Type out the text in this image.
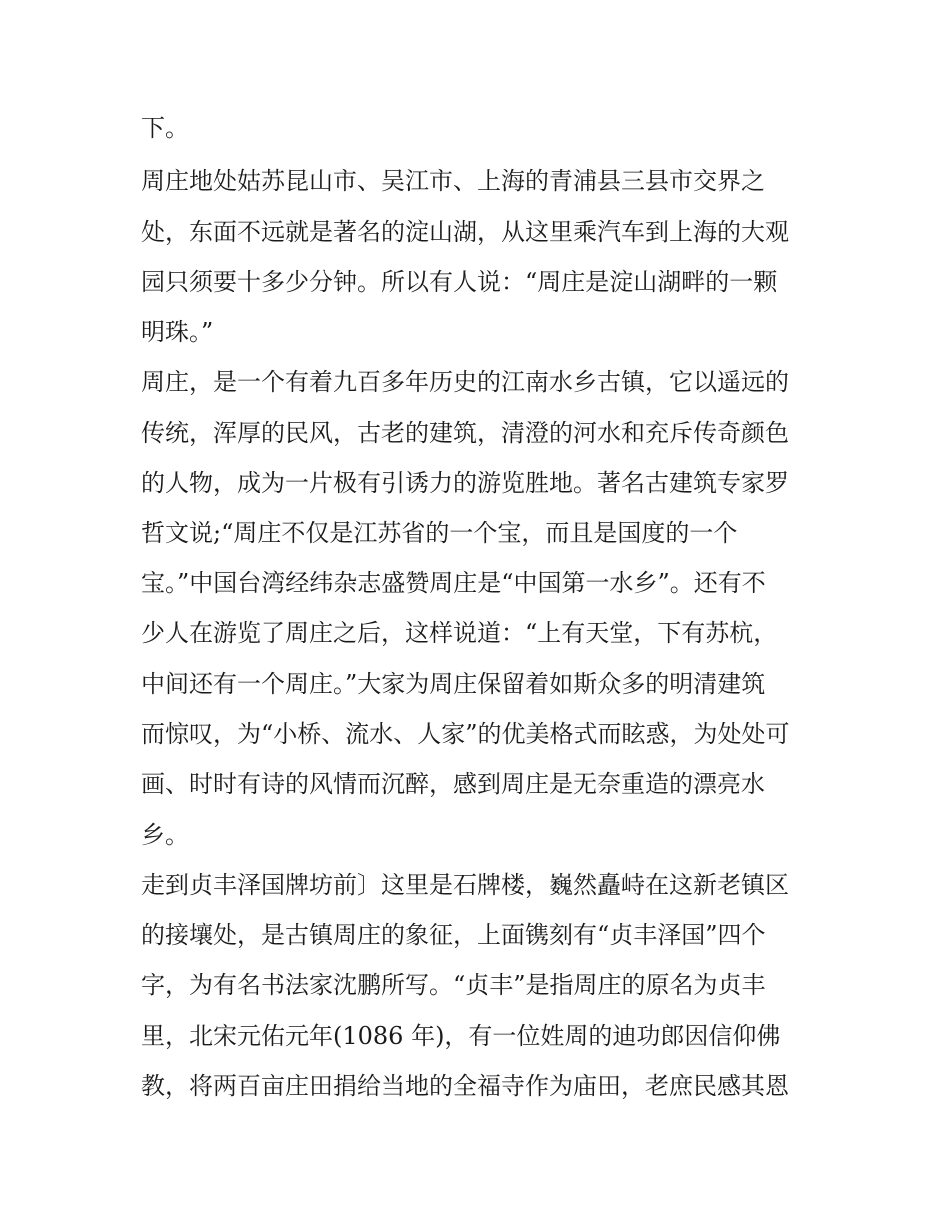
下。
周庄地处姑苏昆山市、吴江市、上海的青浦县三县市交界之
处，东面不远就是著名的淀山湖，从这里乘汽车到上海的大观
园只须要十多少分钟。所以有人说：“周庄是淀山湖畔的一颗
明珠。”
周庄，是一个有着九百多年历史的江南水乡古镇，它以遥远的
传统，浑厚的民风，古老的建筑，清澄的河水和充斥传奇颜色
的人物，成为一片极有引诱力的游览胜地。著名古建筑专家罗
哲文说;“周庄不仅是江苏省的一个宝，而且是国度的一个
宝。”中国台湾经纬杂志盛赞周庄是“中国第一水乡”。还有不
少人在游览了周庄之后，这样说道：“上有天堂，下有苏杭，
中间还有一个周庄。”大家为周庄保留着如斯众多的明清建筑
而惊叹，为“小桥、流水、人家”的优美格式而眩惑，为处处可
画、时时有诗的风情而沉醉，感到周庄是无奈重造的漂亮水
乡。
走到贞丰泽国牌坊前〕这里是石牌楼，巍然矗峙在这新老镇区
的接壤处，是古镇周庄的象征，上面镌刻有“贞丰泽国”四个
字，为有名书法家沈鹏所写。“贞丰”是指周庄的原名为贞丰
里，北宋元佑元年(1086 年)，有一位姓周的迪功郎因信仰佛
教，将两百亩庄田捐给当地的全福寺作为庙田，老庶民感其恩
